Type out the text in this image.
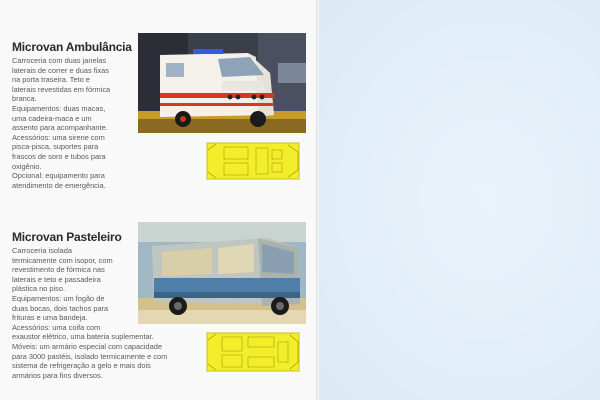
Microvan Ambulância

Carroceria com duas janelas
laterais de correr e duas fixas
na porta traseira. Teto e
laterais revestidas em fórmica
branca.
Equipamentos: duas macas,
uma cadeira-maca e um
assento para acompanhante.
Acessórios: uma sirene com
pisca-pisca, suportes para
frascos de soro e tubos para
oxigênio.
Opcional: equipamento para
atendimento de emergência.

Microvan Pasteleiro

Carroceria isolada
termicamente com isopor, com
revestimento de fórmica nas
laterais e teto e passadeira
plástica no piso.
Equipamentos: um fogão de
duas bocas, dois tachos para
frituras e uma bandeja.
Acessórios: uma coifa com
exaustor elétrico, uma bateria suplementar.
Móveis: um armário especial com capacidade
para 3000 pastéis, isolado termicamente e com
sistema de refrigeração a gelo e mais dois
armários para fins diversos.
